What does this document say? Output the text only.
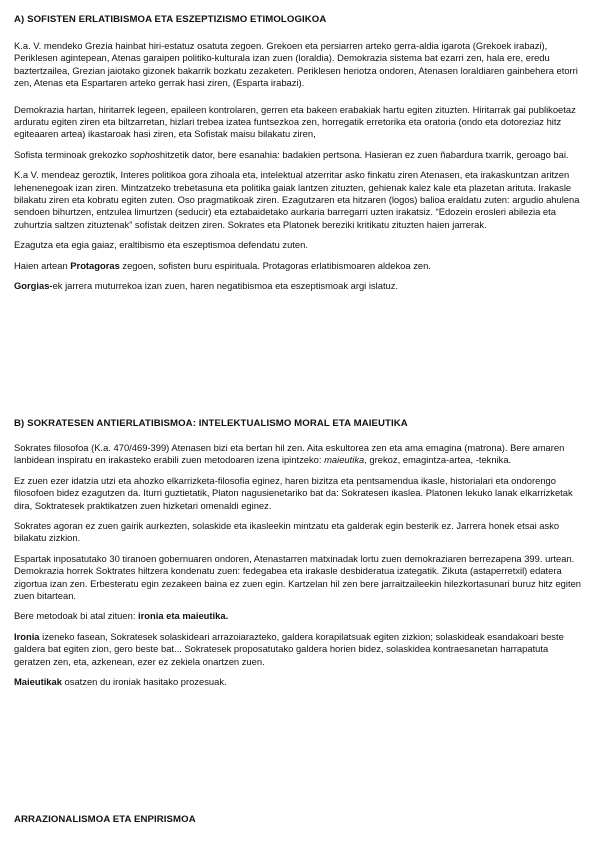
A) SOFISTEN ERLATIBISMOA ETA ESZEPTIZISMO ETIMOLOGIKOA

K.a. V. mendeko Grezia hainbat hiri-estatuz osatuta zegoen. Grekoen eta persiarren arteko gerra-aldia igarota (Grekoek irabazi), Periklesen agintepean, Atenas garaipen politiko-kulturala izan zuen (loraldia). Demokrazia sistema bat ezarri zen, hala ere, eredu baztertzailea, Grezian jaiotako gizonek bakarrik bozkatu zezaketen. Periklesen heriotza ondoren, Atenasen loraldiaren gainbehera etorri zen, Atenas eta Espartaren arteko gerrak hasi ziren, (Esparta irabazi).

Demokrazia hartan, hiritarrek legeen, epaileen kontrolaren, gerren eta bakeen erabakiak hartu egiten zituzten. Hiritarrak gai publikoetaz arduratu egiten ziren eta biltzarretan, hizlari trebea izatea funtsezkoa zen, horregatik erretorika eta oratoria (ondo eta dotoreziaz hitz egiteaaren artea) ikastaroak hasi ziren, eta Sofistak maisu bilakatu ziren,

Sofista terminoak grekozko sophoshitzetik dator, bere esanahia: badakien pertsona. Hasieran ez zuen ñabardura txarrik, geroago bai.

K.a V. mendeaz geroztik, Interes politikoa gora zihoala eta, intelektual atzerritar asko finkatu ziren Atenasen, eta irakaskuntzan aritzen lehenenegoak izan ziren. Mintzatzeko trebetasuna eta politika gaiak lantzen zituzten, gehienak kalez kale eta plazetan arituta. Irakasle bilakatu ziren eta kobratu egiten zuten. Oso pragmatikoak ziren. Ezagutzaren eta hitzaren (logos) balioa eraldatu zuten: argudio ahulena sendoen bihurtzen, entzulea limurtzen (seducir) eta eztabaidetako aurkaria barregarri uzten irakatsiz. “Edozein erosleri abilezia eta zuhurtzia saltzen zituztenak” sofistak deitzen ziren. Sokrates eta Platonek bereziki kritikatu zituzten haien jarrerak.

Ezagutza eta egia gaiaz, eraltibismo eta eszeptismoa defendatu zuten.

Haien artean Protagoras zegoen, sofisten buru espirituala. Protagoras erlatibismoaren aldekoa zen.

Gorgias-ek jarrera muturrekoa izan zuen, haren negatibismoa eta eszeptismoak argi islatuz.

B) SOKRATESEN ANTIERLATIBISMOA: INTELEKTUALISMO MORAL ETA MAIEUTIKA

Sokrates filosofoa (K.a. 470/469-399) Atenasen bizi eta bertan hil zen. Aita eskultorea zen eta ama emagina (matrona). Bere amaren lanbidean inspiratu en irakasteko erabili zuen metodoaren izena ipintzeko: maieutika, grekoz, emagintza-artea, -teknika.

Ez zuen ezer idatzia utzi eta ahozko elkarrizketa-filosofia eginez, haren bizitza eta pentsamendua ikasle, historialari eta ondorengo filosofoen bidez ezagutzen da. Iturri guztietatik, Platon nagusienetariko bat da: Sokratesen ikaslea. Platonen lekuko lanak elkarrizketak dira, Soktratesek praktikatzen zuen hizketari omenaldi eginez.

Sokrates agoran ez zuen gairik aurkezten, solaskide eta ikasleekin mintzatu eta galderak egin besterik ez. Jarrera honek etsai asko bilakatu zizkion.

Espartak inposatutako 30 tiranoen gobernuaren ondoren, Atenastarren matxinadak lortu zuen demokraziaren berrezapena 399. urtean. Demokrazia horrek Soktrates hiltzera kondenatu zuen: fedegabea eta irakasle desbideratua izategatik. Zikuta (astaperretxil) edatera zigortua izan zen. Erbesteratu egin zezakeen baina ez zuen egin. Kartzelan hil zen bere jarraitzaileekin hilezkortasunari buruz hitz egiten zuen bitartean.

Bere metodoak bi atal zituen: ironia eta maieutika.

Ironia izeneko fasean, Sokratesek solaskideari arrazoiarazteko, galdera korapilatsuak egiten zizkion; solaskideak esandakoari beste galdera bat egiten zion, gero beste bat... Sokratesek proposatutako galdera horien bidez, solaskidea kontraesanetan harrapatuta geratzen zen, eta, azkenean, ezer ez zekiela onartzen zuen.

Maieutikak osatzen du ironiak hasitako prozesuak.

ARRAZIONALISMOA ETA ENPIRISMOA
